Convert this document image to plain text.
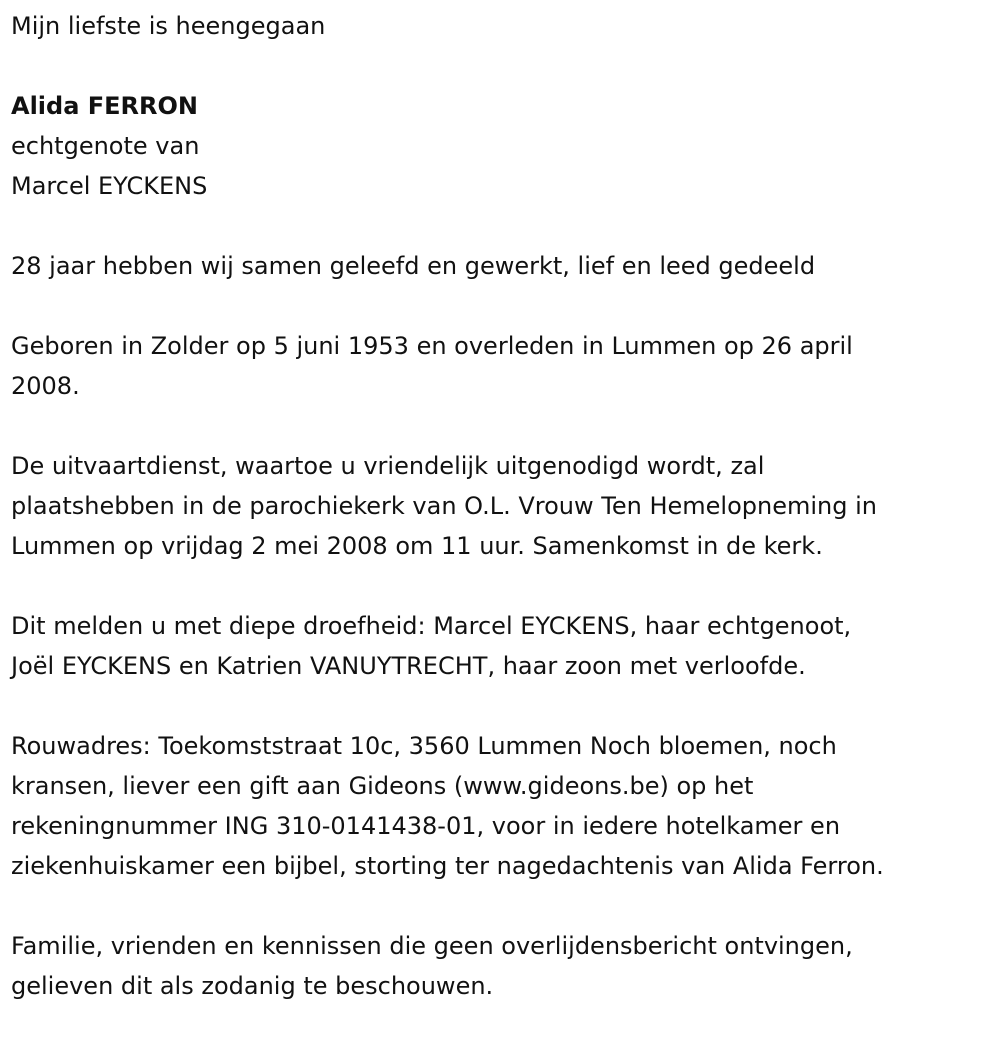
Mijn liefste is heengegaan

Alida FERRON

echtgenote van

Marcel EYCKENS

28 jaar hebben wij samen geleefd en gewerkt, lief en leed gedeeld

Geboren in Zolder op 5 juni 1953 en overleden in Lummen op 26 april
2008.
De uitvaartdienst, waartoe u vriendelijk uitgenodigd wordt, zal
plaatshebben in de parochiekerk van O.L. Vrouw Ten Hemelopneming in
Lummen op vrijdag 2 mei 2008 om 11 uur. Samenkomst in de kerk.
Dit melden u met diepe droefheid: Marcel EYCKENS, haar echtgenoot,
Joël EYCKENS en Katrien VANUYTRECHT, haar zoon met verloofde.
Rouwadres: Toekomststraat 10c, 3560 Lummen Noch bloemen, noch
kransen, liever een gift aan Gideons (www.gideons.be) op het
rekeningnummer ING 310-0141438-01, voor in iedere hotelkamer en
ziekenhuiskamer een bijbel, storting ter nagedachtenis van Alida Ferron.
Familie, vrienden en kennissen die geen overlijdensbericht ontvingen,
gelieven dit als zodanig te beschouwen.
